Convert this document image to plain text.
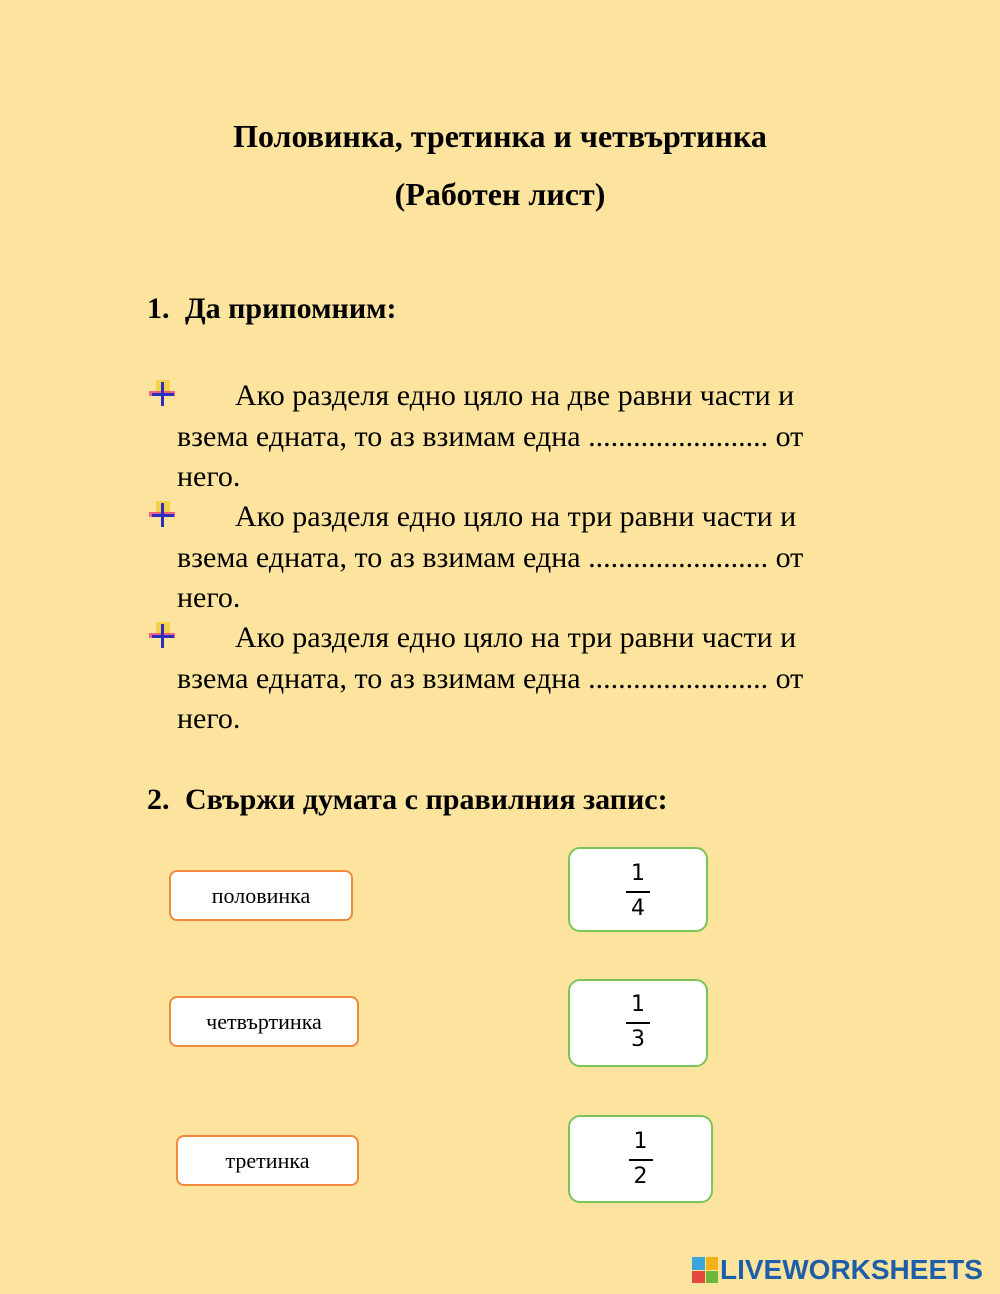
Половинка, третинка и четвъртинка
(Работен лист)
1. Да припомним:
Ако разделя едно цяло на две равни части и
взема едната, то аз взимам една ........................ от
него.
Ако разделя едно цяло на три равни части и
взема едната, то аз взимам една ........................ от
него.
Ако разделя едно цяло на три равни части и
взема едната, то аз взимам една ........................ от
него.
2. Свържи думата с правилния запис:
половинка
четвъртинка
третинка
1
4
1
3
1
2
LIVEWORKSHEETS
